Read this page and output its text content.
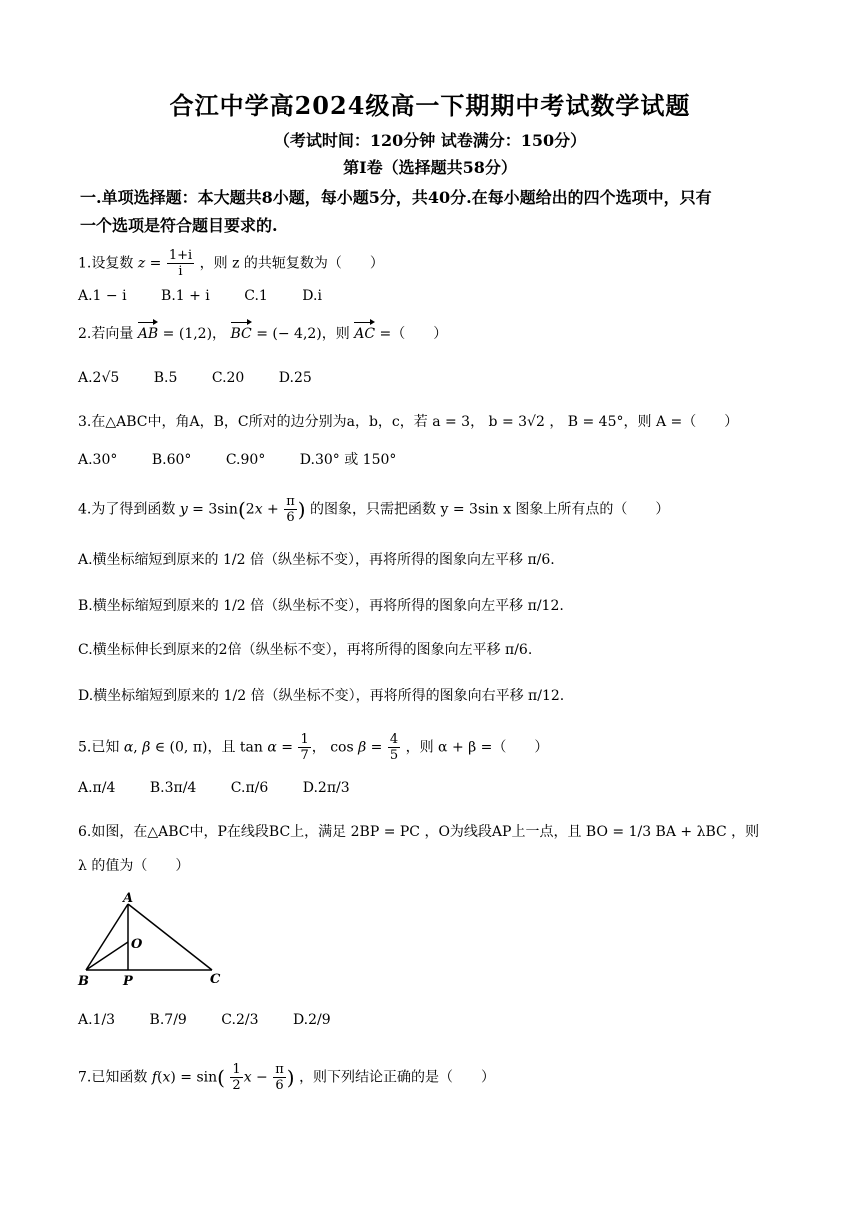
合江中学高2024级高一下期期中考试数学试题
（考试时间：120分钟 试卷满分：150分）
第I卷（选择题共58分）
一.单项选择题：本大题共8小题，每小题5分，共40分.在每小题给出的四个选项中，只有
一个选项是符合题目要求的.
1.设复数 $z = \frac{1+i}{i}$ ，则 z 的共轭复数为（　　）
A.1 − i B.1 + i C.1 D.i
2.若向量 AB = (1,2)， BC = (− 4,2)，则 AC =（　　）
A.2√5 B.5 C.20 D.25
3.在△ABC中，角A，B，C所对的边分别为a，b，c，若 a = 3， b = 3√2 ， B = 45°，则 A =（　　）
A.30° B.60° C.90° D.30° 或 150°
4.为了得到函数 $y = 3\sin(2x + \frac{\pi}{6}$ ) 的图象，只需把函数 y = 3sin x 图象上所有点的（　　）
A.横坐标缩短到原来的 1/2 倍（纵坐标不变），再将所得的图象向左平移 π/6.
B.横坐标缩短到原来的 1/2 倍（纵坐标不变），再将所得的图象向左平移 π/12.
C.横坐标伸长到原来的2倍（纵坐标不变），再将所得的图象向左平移 π/6.
D.横坐标缩短到原来的 1/2 倍（纵坐标不变），再将所得的图象向右平移 π/12.
5.已知 α, β ∈ (0, π)，且 $\tan \alpha = \frac{1}{7}$ ， $\cos \beta = \frac{4}{5}$ ，则 α + β =（　　）
A.π/4 B.3π/4 C.π/6 D.2π/3
6.如图，在△ABC中，P在线段BC上，满足 2BP = PC ，O为线段AP上一点，且 BO = 1/3 BA + λBC ，则
λ 的值为（　　）
A
O
B	P	C
A.1/3 B.7/9 C.2/3 D.2/9
7.已知函数 $f(x) = \sin( \frac{1}{2}$ $x - \frac{\pi}{6}$ ) ，则下列结论正确的是（　　）
